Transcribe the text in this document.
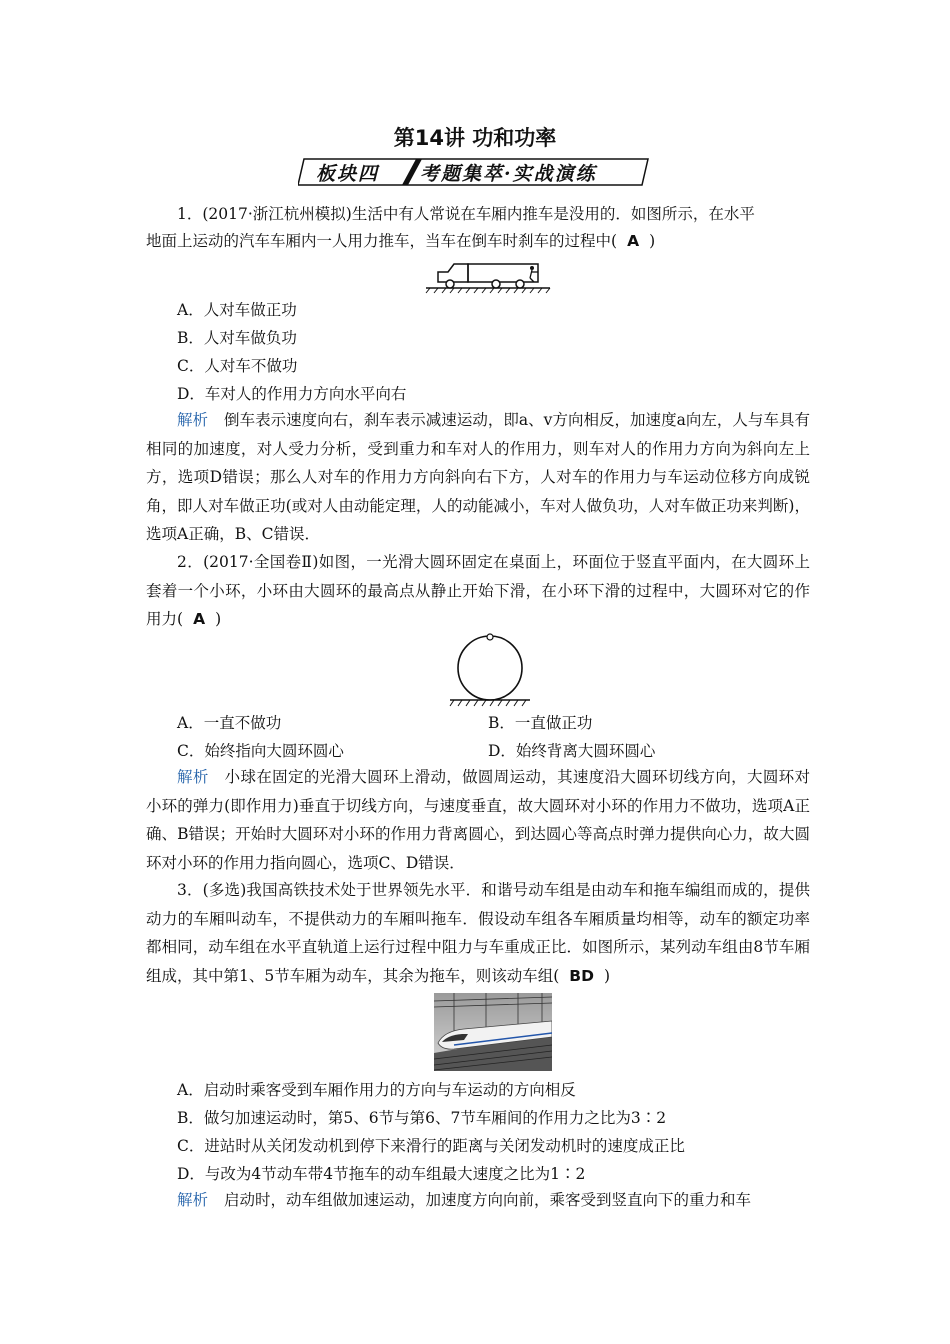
第14讲 功和功率
板块四 考题集萃·实战演练
1．(2017·浙江杭州模拟)生活中有人常说在车厢内推车是没用的．如图所示，在水平
地面上运动的汽车车厢内一人用力推车，当车在倒车时刹车的过程中( A )
A．人对车做正功
B．人对车做负功
C．人对车不做功
D．车对人的作用力方向水平向右
解析 倒车表示速度向右，刹车表示减速运动，即a、v方向相反，加速度a向左，人与车具有相同的加速度，对人受力分析，受到重力和车对人的作用力，则车对人的作用力方向为斜向左上方，选项D错误；那么人对车的作用力方向斜向右下方，人对车的作用力与车运动位移方向成锐角，即人对车做正功(或对人由动能定理，人的动能减小，车对人做负功，人对车做正功来判断)，选项A正确，B、C错误．
2．(2017·全国卷Ⅱ)如图，一光滑大圆环固定在桌面上，环面位于竖直平面内，在大圆环上套着一个小环，小环由大圆环的最高点从静止开始下滑，在小环下滑的过程中，大圆环对它的作用力( A )
A．一直不做功	B．一直做正功
C．始终指向大圆环圆心	D．始终背离大圆环圆心
解析 小球在固定的光滑大圆环上滑动，做圆周运动，其速度沿大圆环切线方向，大圆环对小环的弹力(即作用力)垂直于切线方向，与速度垂直，故大圆环对小环的作用力不做功，选项A正确、B错误；开始时大圆环对小环的作用力背离圆心，到达圆心等高点时弹力提供向心力，故大圆环对小环的作用力指向圆心，选项C、D错误．
3．(多选)我国高铁技术处于世界领先水平．和谐号动车组是由动车和拖车编组而成的，提供动力的车厢叫动车，不提供动力的车厢叫拖车．假设动车组各车厢质量均相等，动车的额定功率都相同，动车组在水平直轨道上运行过程中阻力与车重成正比．如图所示，某列动车组由8节车厢组成，其中第1、5节车厢为动车，其余为拖车，则该动车组( BD )
A．启动时乘客受到车厢作用力的方向与车运动的方向相反
B．做匀加速运动时，第5、6节与第6、7节车厢间的作用力之比为3∶2
C．进站时从关闭发动机到停下来滑行的距离与关闭发动机时的速度成正比
D．与改为4节动车带4节拖车的动车组最大速度之比为1∶2
解析 启动时，动车组做加速运动，加速度方向向前，乘客受到竖直向下的重力和车
